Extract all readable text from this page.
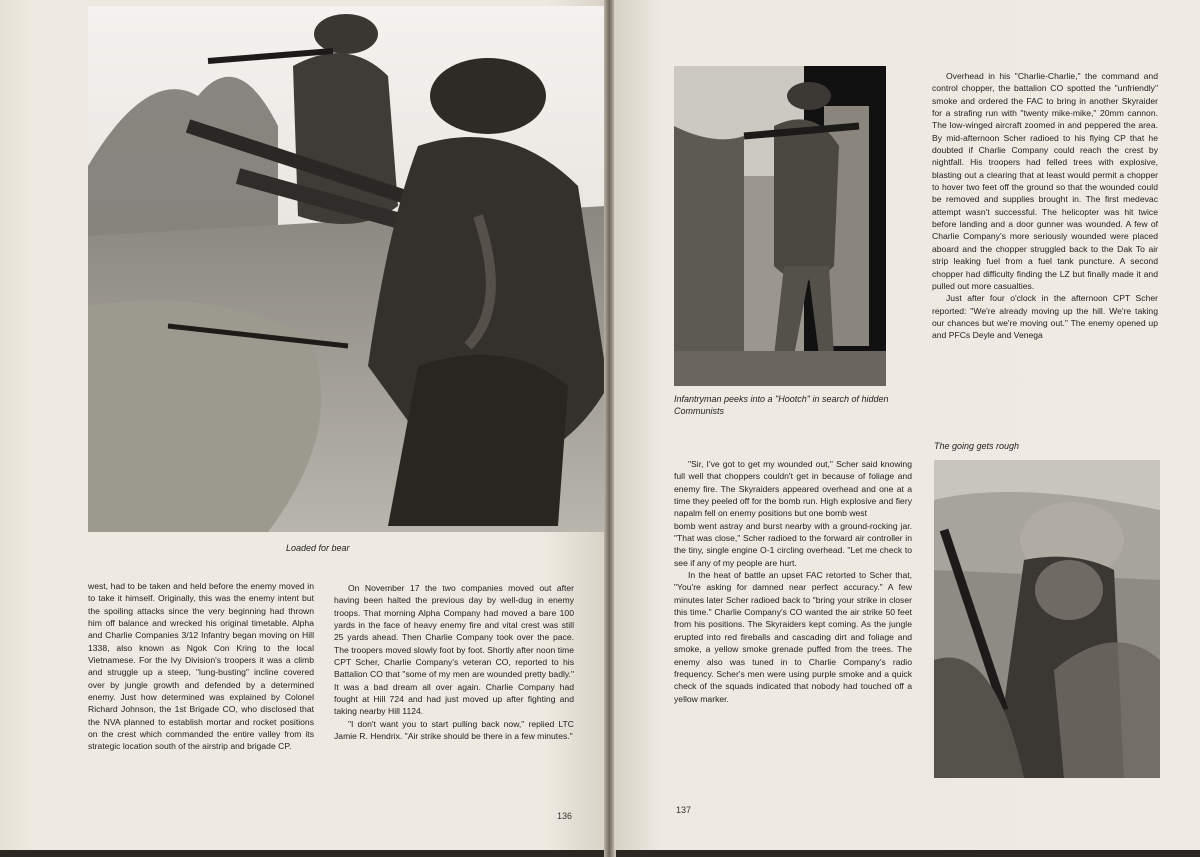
Loaded for bear

west, had to be taken and held before the enemy moved in to take it himself. Originally, this was the enemy intent but the spoiling attacks since the very beginning had thrown him off balance and wrecked his original timetable. Alpha and Charlie Companies 3/12 Infantry began moving on Hill 1338, also known as Ngok Con Kring to the local Vietnamese. For the Ivy Division's troopers it was a climb and struggle up a steep, "lung-busting" incline covered over by jungle growth and defended by a determined enemy. Just how determined was explained by Colonel Richard Johnson, the 1st Brigade CO, who disclosed that the NVA planned to establish mortar and rocket positions on the crest which commanded the entire valley from its strategic location south of the airstrip and brigade CP.

On November 17 the two companies moved out after having been halted the previous day by well-dug in enemy troops. That morning Alpha Company had moved a bare 100 yards in the face of heavy enemy fire and vital crest was still 25 yards ahead. Then Charlie Company took over the pace. The troopers moved slowly foot by foot. Shortly after noon time CPT Scher, Charlie Company's veteran CO, reported to his Battalion CO that "some of my men are wounded pretty badly." It was a bad dream all over again. Charlie Company had fought at Hill 724 and had just moved up after fighting and taking nearby Hill 1124.

"I don't want you to start pulling back now," replied LTC Jamie R. Hendrix. "Air strike should be there in a few minutes."

136
Infantryman peeks into a "Hootch" in search of hidden Communists

Overhead in his "Charlie-Charlie," the command and control chopper, the battalion CO spotted the "unfriendly" smoke and ordered the FAC to bring in another Skyraider for a strafing run with "twenty mike-mike," 20mm cannon. The low-winged aircraft zoomed in and peppered the area. By mid-afternoon Scher radioed to his flying CP that he doubted if Charlie Company could reach the crest by nightfall. His troopers had felled trees with explosive, blasting out a clearing that at least would permit a chopper to hover two feet off the ground so that the wounded could be removed and supplies brought in. The first medevac attempt wasn't successful. The helicopter was hit twice before landing and a door gunner was wounded. A few of Charlie Company's more seriously wounded were placed aboard and the chopper struggled back to the Dak To air strip leaking fuel from a fuel tank puncture. A second chopper had difficulty finding the LZ but finally made it and pulled out more casualties.

Just after four o'clock in the afternoon CPT Scher reported: "We're already moving up the hill. We're taking our chances but we're moving out." The enemy opened up and PFCs Deyle and Venega

The going gets rough

"Sir, I've got to get my wounded out," Scher said knowing full well that choppers couldn't get in because of foliage and enemy fire. The Skyraiders appeared overhead and one at a time they peeled off for the bomb run. High explosive and fiery napalm fell on enemy positions but one bomb west

bomb went astray and burst nearby with a ground-rocking jar. "That was close," Scher radioed to the forward air controller in the tiny, single engine O-1 circling overhead. "Let me check to see if any of my people are hurt.

In the heat of battle an upset FAC retorted to Scher that, "You're asking for damned near perfect accuracy." A few minutes later Scher radioed back to "bring your strike in closer this time." Charlie Company's CO wanted the air strike 50 feet from his positions. The Skyraiders kept coming. As the jungle erupted into red fireballs and cascading dirt and foliage and smoke, a yellow smoke grenade puffed from the trees. The enemy also was tuned in to Charlie Company's radio frequency. Scher's men were using purple smoke and a quick check of the squads indicated that nobody had touched off a yellow marker.

137
